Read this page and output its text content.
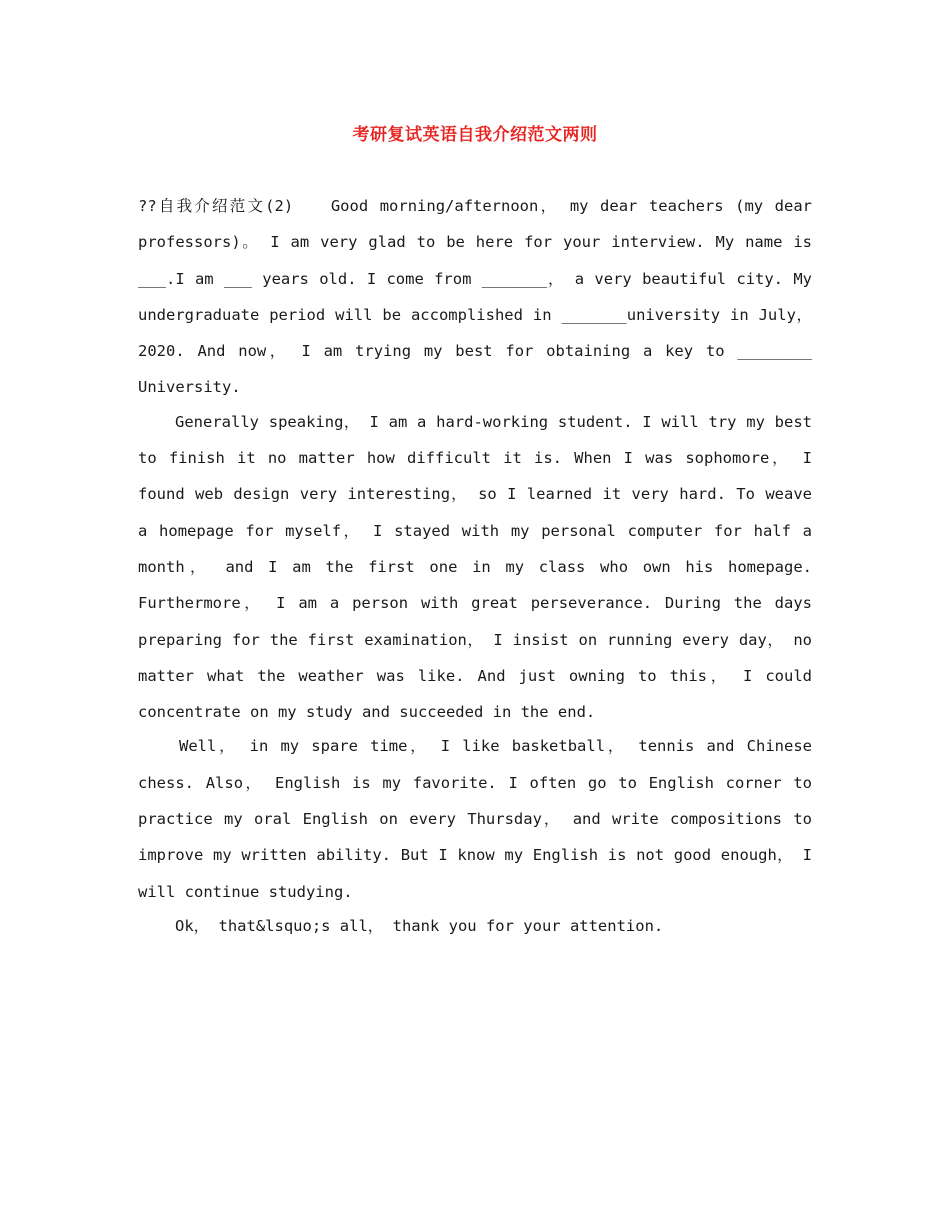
考研复试英语自我介绍范文两则

??自我介绍范文(2)　　Good morning/afternoon， my dear teachers (my dear professors)。 I am very glad to be here for your interview. My name is ___.I am ___ years old. I come from _______， a very beautiful city. My undergraduate period will be accomplished in _______university in July，2020. And now， I am trying my best for obtaining a key to ________ University.

Generally speaking， I am a hard-working student. I will try my best to finish it no matter how difficult it is. When I was sophomore， I found web design very interesting， so I learned it very hard. To weave a homepage for myself， I stayed with my personal computer for half a month， and I am the first one in my class who own his homepage. Furthermore， I am a person with great perseverance. During the days preparing for the first examination， I insist on running every day， no matter what the weather was like. And just owning to this， I could concentrate on my study and succeeded in the end.

Well， in my spare time， I like basketball， tennis and Chinese chess. Also， English is my favorite. I often go to English corner to practice my oral English on every Thursday， and write compositions to improve my written ability. But I know my English is not good enough， I will continue studying.

Ok， that&lsquo;s all， thank you for your attention.
